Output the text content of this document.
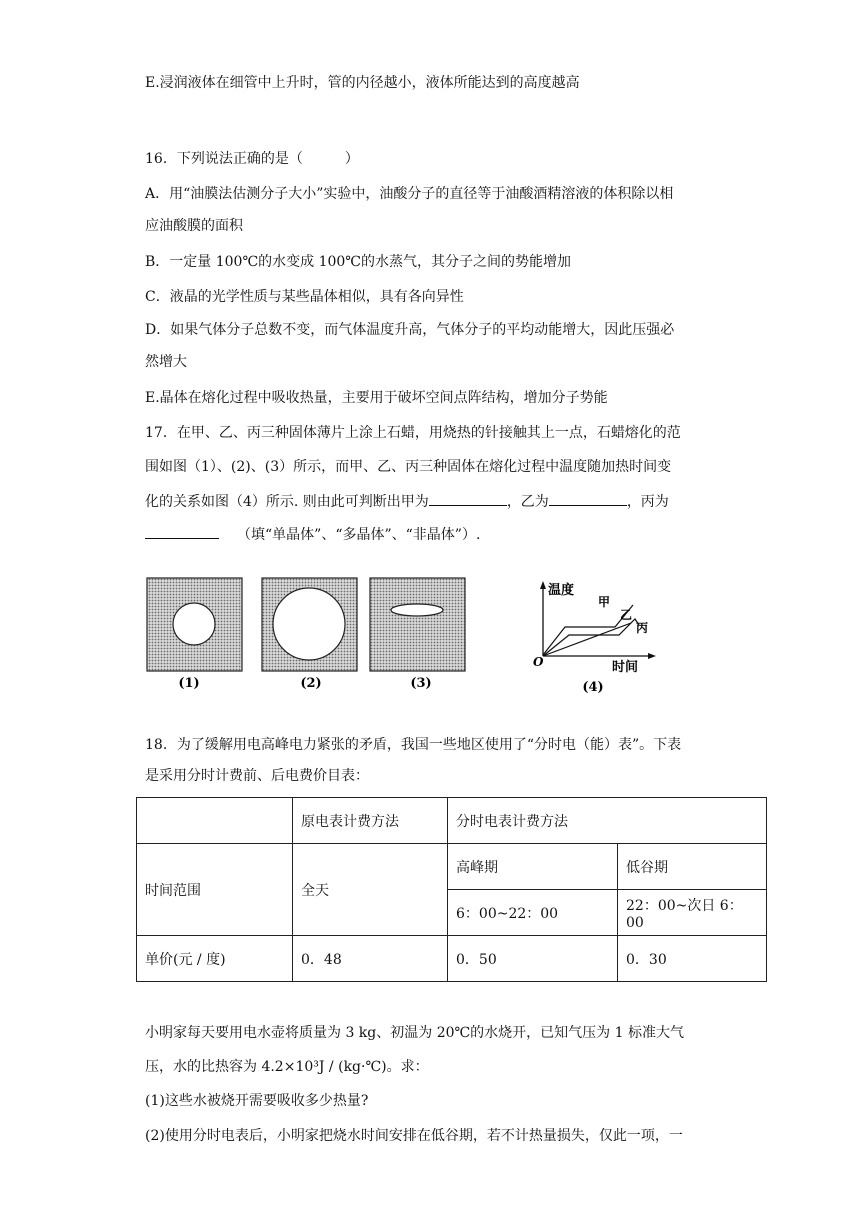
E.浸润液体在细管中上升时，管的内径越小，液体所能达到的高度越高
16．下列说法正确的是（　　　）
A．用“油膜法估测分子大小”实验中，油酸分子的直径等于油酸酒精溶液的体积除以相
应油酸膜的面积
B．一定量 100℃的水变成 100℃的水蒸气，其分子之间的势能增加
C．液晶的光学性质与某些晶体相似，具有各向异性
D．如果气体分子总数不变，而气体温度升高，气体分子的平均动能增大，因此压强必
然增大
E.晶体在熔化过程中吸收热量，主要用于破坏空间点阵结构，增加分子势能
17．在甲、乙、丙三种固体薄片上涂上石蜡，用烧热的针接触其上一点，石蜡熔化的范
围如图（1）、(2)、(3）所示，而甲、乙、丙三种固体在熔化过程中温度随加热时间变
化的关系如图（4）所示. 则由此可判断出甲为	，乙为	，丙为
（填“单晶体”、“多晶体”、“非晶体”）.
(1)	(2)	(3)
温度
时间
O
甲
乙
丙
(4)
18．为了缓解用电高峰电力紧张的矛盾，我国一些地区使用了“分时电（能）表”。下表
是采用分时计费前、后电费价目表：
	原电表计费方法	分时电表计费方法	
时间范围	全天	高峰期	低谷期
		6：00~22：00	22：00~次日 6：00
单价(元 / 度)	0．48	0．50	0．30
小明家每天要用电水壶将质量为 3 kg、初温为 20℃的水烧开，已知气压为 1 标准大气
压，水的比热容为 4.2×10³J / (kg·℃)。求：
(1)这些水被烧开需要吸收多少热量?
(2)使用分时电表后，小明家把烧水时间安排在低谷期，若不计热量损失，仅此一项，一
